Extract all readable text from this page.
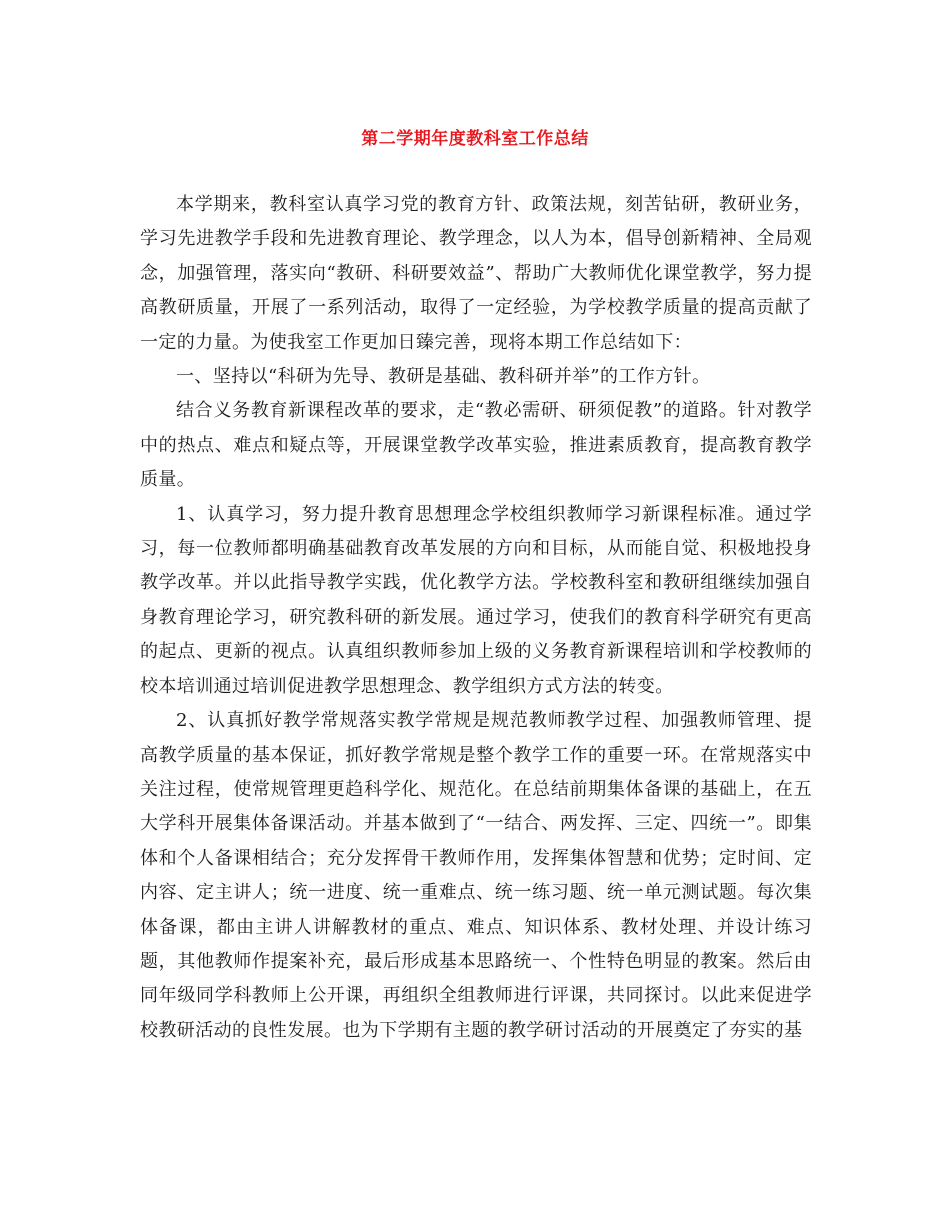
第二学期年度教科室工作总结

本学期来，教科室认真学习党的教育方针、政策法规，刻苦钻研，教研业务，学习先进教学手段和先进教育理论、教学理念，以人为本，倡导创新精神、全局观念，加强管理，落实向“教研、科研要效益”、帮助广大教师优化课堂教学，努力提高教研质量，开展了一系列活动，取得了一定经验，为学校教学质量的提高贡献了一定的力量。为使我室工作更加日臻完善，现将本期工作总结如下：

一、坚持以“科研为先导、教研是基础、教科研并举”的工作方针。

结合义务教育新课程改革的要求，走“教必需研、研须促教”的道路。针对教学中的热点、难点和疑点等，开展课堂教学改革实验，推进素质教育，提高教育教学质量。

1、认真学习，努力提升教育思想理念学校组织教师学习新课程标准。通过学习，每一位教师都明确基础教育改革发展的方向和目标，从而能自觉、积极地投身教学改革。并以此指导教学实践，优化教学方法。学校教科室和教研组继续加强自身教育理论学习，研究教科研的新发展。通过学习，使我们的教育科学研究有更高的起点、更新的视点。认真组织教师参加上级的义务教育新课程培训和学校教师的校本培训通过培训促进教学思想理念、教学组织方式方法的转变。

2、认真抓好教学常规落实教学常规是规范教师教学过程、加强教师管理、提高教学质量的基本保证，抓好教学常规是整个教学工作的重要一环。在常规落实中关注过程，使常规管理更趋科学化、规范化。在总结前期集体备课的基础上，在五大学科开展集体备课活动。并基本做到了“一结合、两发挥、三定、四统一”。即集体和个人备课相结合；充分发挥骨干教师作用，发挥集体智慧和优势；定时间、定内容、定主讲人；统一进度、统一重难点、统一练习题、统一单元测试题。每次集体备课，都由主讲人讲解教材的重点、难点、知识体系、教材处理、并设计练习题，其他教师作提案补充，最后形成基本思路统一、个性特色明显的教案。然后由同年级同学科教师上公开课，再组织全组教师进行评课，共同探讨。以此来促进学校教研活动的良性发展。也为下学期有主题的教学研讨活动的开展奠定了夯实的基
